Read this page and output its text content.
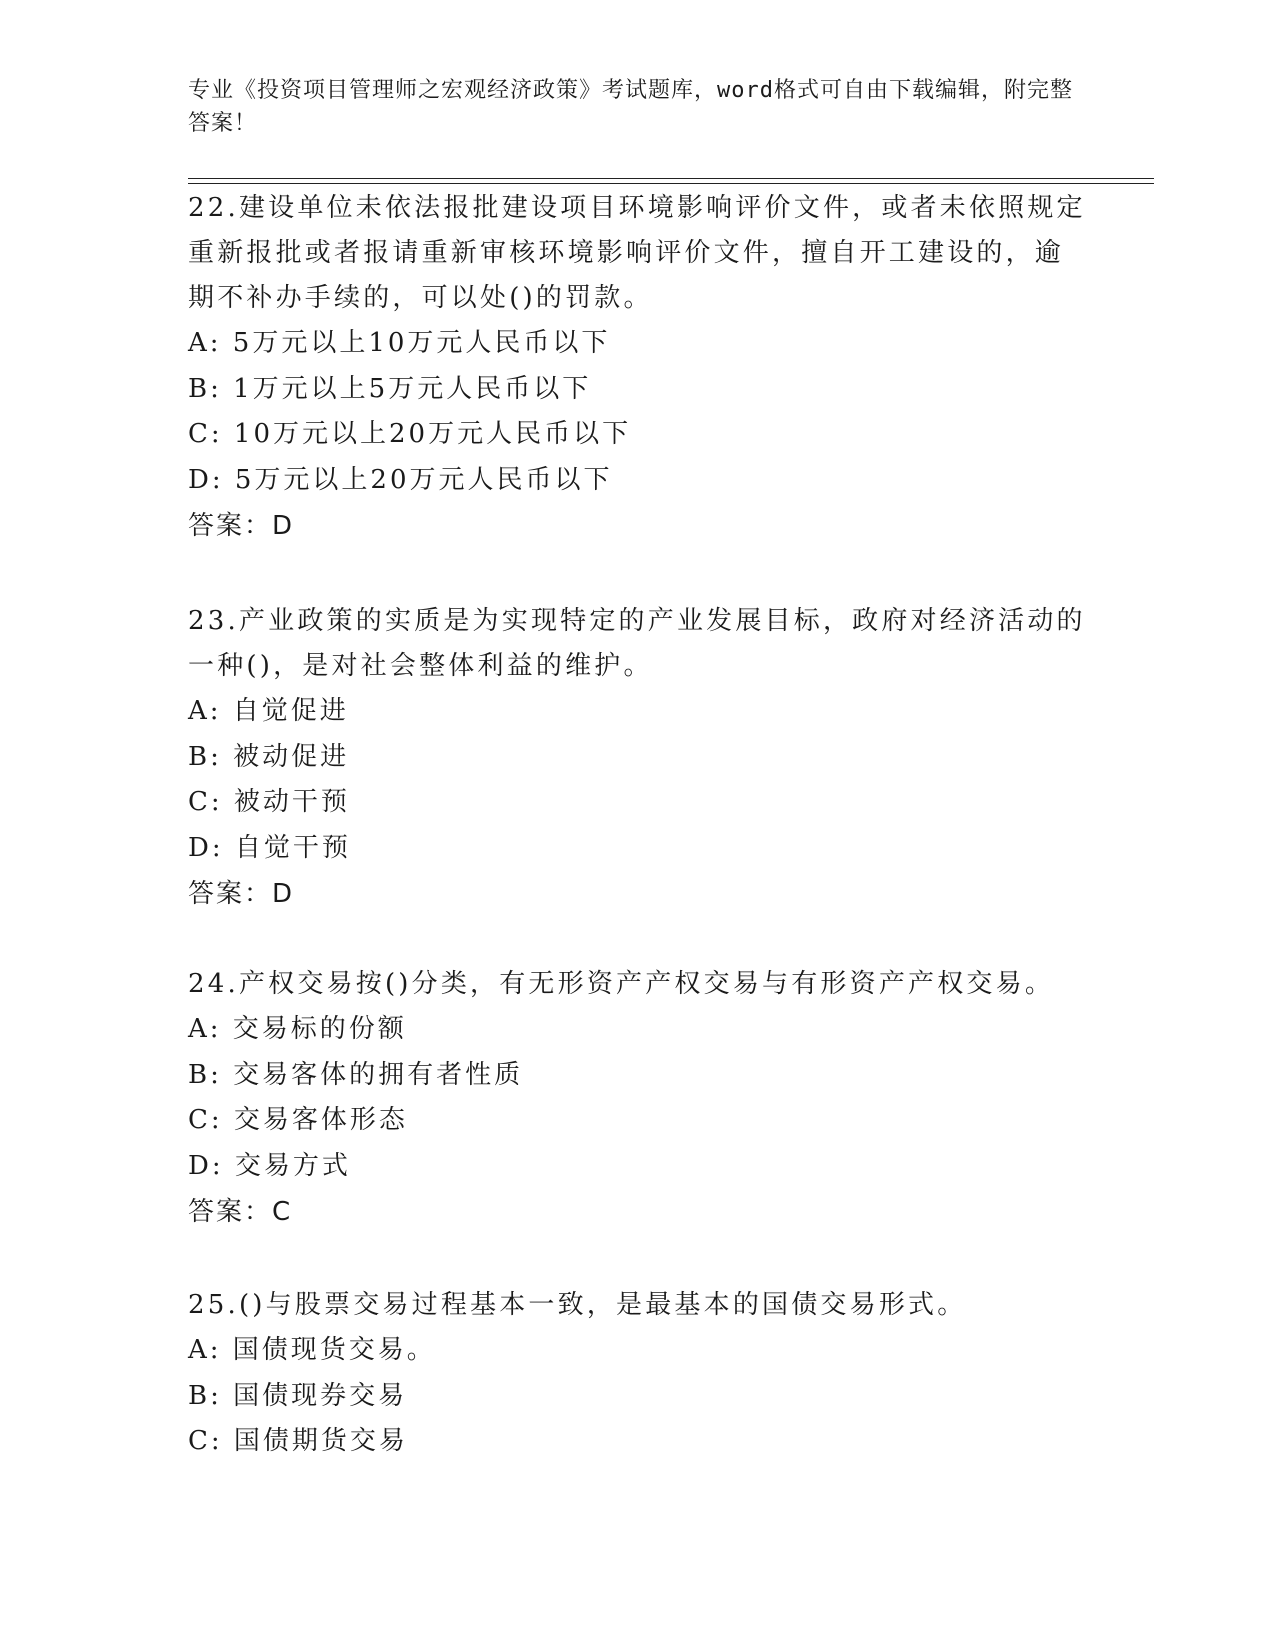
专业《投资项目管理师之宏观经济政策》考试题库，word格式可自由下载编辑，附完整答案！

22.建设单位未依法报批建设项目环境影响评价文件，或者未依照规定重新报批或者报请重新审核环境影响评价文件，擅自开工建设的，逾期不补办手续的，可以处()的罚款。

A: 5万元以上10万元人民币以下

B: 1万元以上5万元人民币以下

C: 10万元以上20万元人民币以下

D: 5万元以上20万元人民币以下

答案：D

23.产业政策的实质是为实现特定的产业发展目标，政府对经济活动的一种()，是对社会整体利益的维护。

A: 自觉促进

B: 被动促进

C: 被动干预

D: 自觉干预

答案：D

24.产权交易按()分类，有无形资产产权交易与有形资产产权交易。

A: 交易标的份额

B: 交易客体的拥有者性质

C: 交易客体形态

D: 交易方式

答案：C

25.()与股票交易过程基本一致，是最基本的国债交易形式。

A: 国债现货交易。

B: 国债现券交易

C: 国债期货交易
